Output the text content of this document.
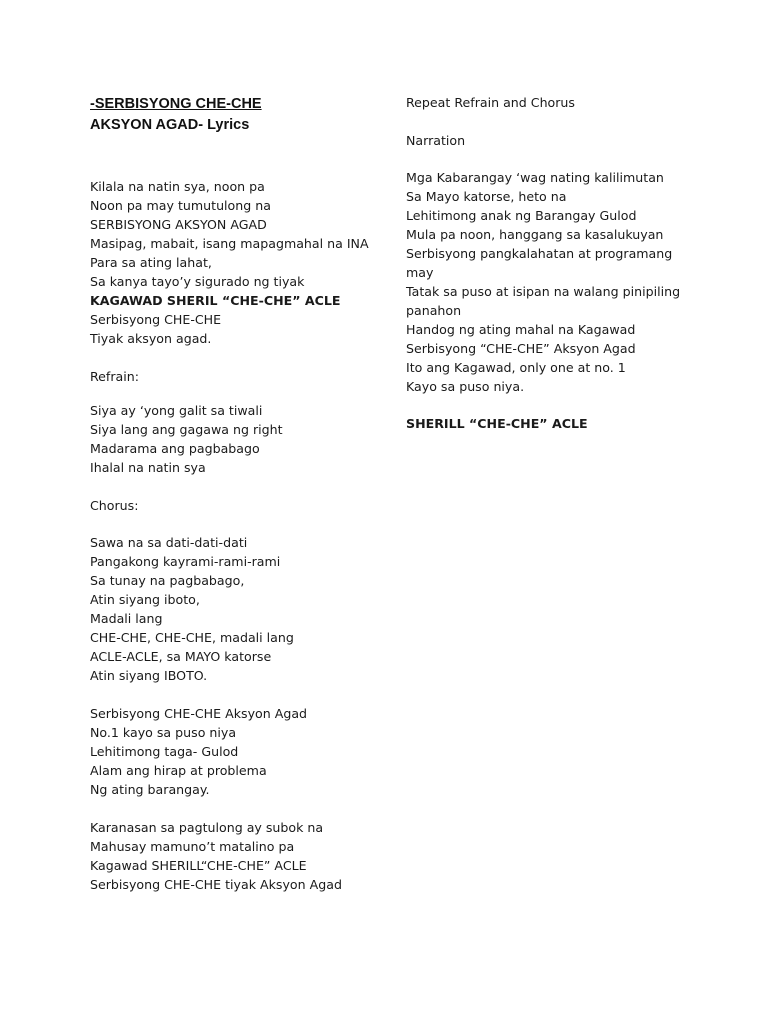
-SERBISYONG CHE-CHE
AKSYON AGAD- Lyrics
Kilala na natin sya, noon pa
Noon pa may tumutulong na
SERBISYONG AKSYON AGAD
Masipag, mabait, isang mapagmahal na INA
Para sa ating lahat,
Sa kanya tayo’y sigurado ng tiyak
KAGAWAD SHERIL “CHE-CHE” ACLE
Serbisyong CHE-CHE
Tiyak aksyon agad.
Refrain:
Siya ay ‘yong galit sa tiwali
Siya lang ang gagawa ng right
Madarama ang pagbabago
Ihalal na natin sya
Chorus:
Sawa na sa dati-dati-dati
Pangakong kayrami-rami-rami
Sa tunay na pagbabago,
Atin siyang iboto,
Madali lang
CHE-CHE, CHE-CHE, madali lang
ACLE-ACLE, sa MAYO katorse
Atin siyang IBOTO.
Serbisyong CHE-CHE Aksyon Agad
No.1 kayo sa puso niya
Lehitimong taga- Gulod
Alam ang hirap at problema
Ng ating barangay.
Karanasan sa pagtulong ay subok na
Mahusay mamuno’t matalino pa
Kagawad SHERILL“CHE-CHE” ACLE
Serbisyong CHE-CHE tiyak Aksyon Agad
Repeat Refrain and Chorus
Narration
Mga Kabarangay ‘wag nating kalilimutan
Sa Mayo katorse, heto na
Lehitimong anak ng Barangay Gulod
Mula pa noon, hanggang sa kasalukuyan
Serbisyong pangkalahatan at programang
may
Tatak sa puso at isipan na walang pinipiling
panahon
Handog ng ating mahal na Kagawad
Serbisyong “CHE-CHE” Aksyon Agad
Ito ang Kagawad, only one at no. 1
Kayo sa puso niya.
SHERILL “CHE-CHE” ACLE
